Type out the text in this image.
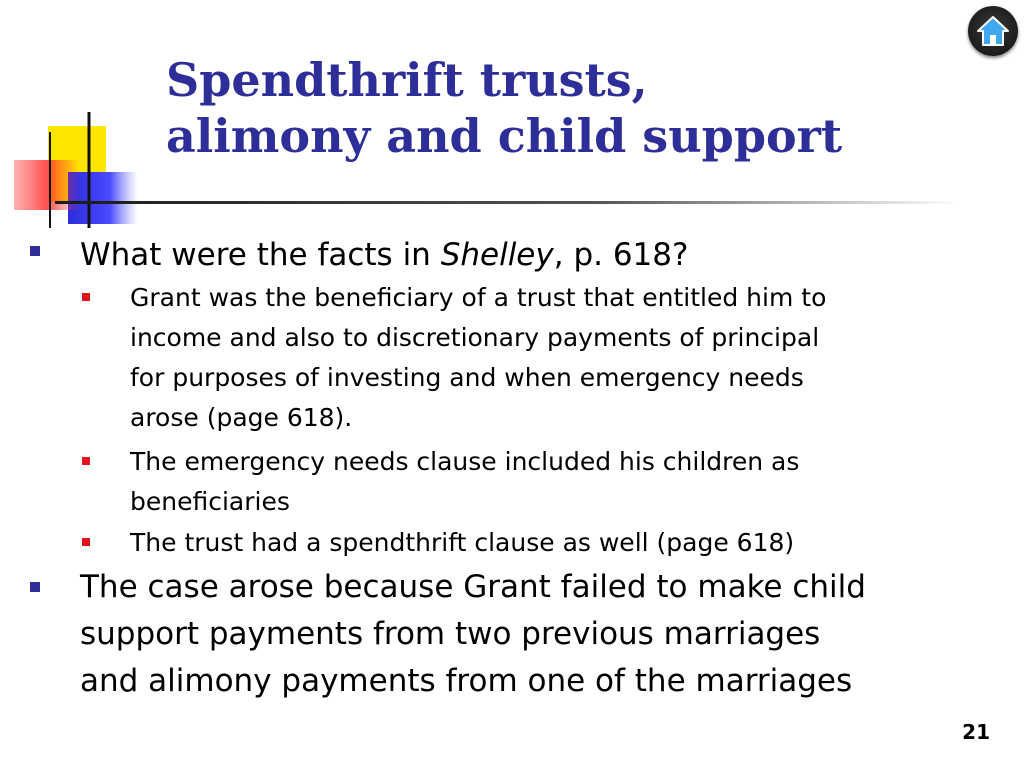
Spendthrift trusts,
alimony and child support
What were the facts in Shelley, p. 618?
Grant was the beneficiary of a trust that entitled him to
income and also to discretionary payments of principal
for purposes of investing and when emergency needs
arose (page 618).
The emergency needs clause included his children as
beneficiaries
The trust had a spendthrift clause as well (page 618)
The case arose because Grant failed to make child
support payments from two previous marriages
and alimony payments from one of the marriages
21
